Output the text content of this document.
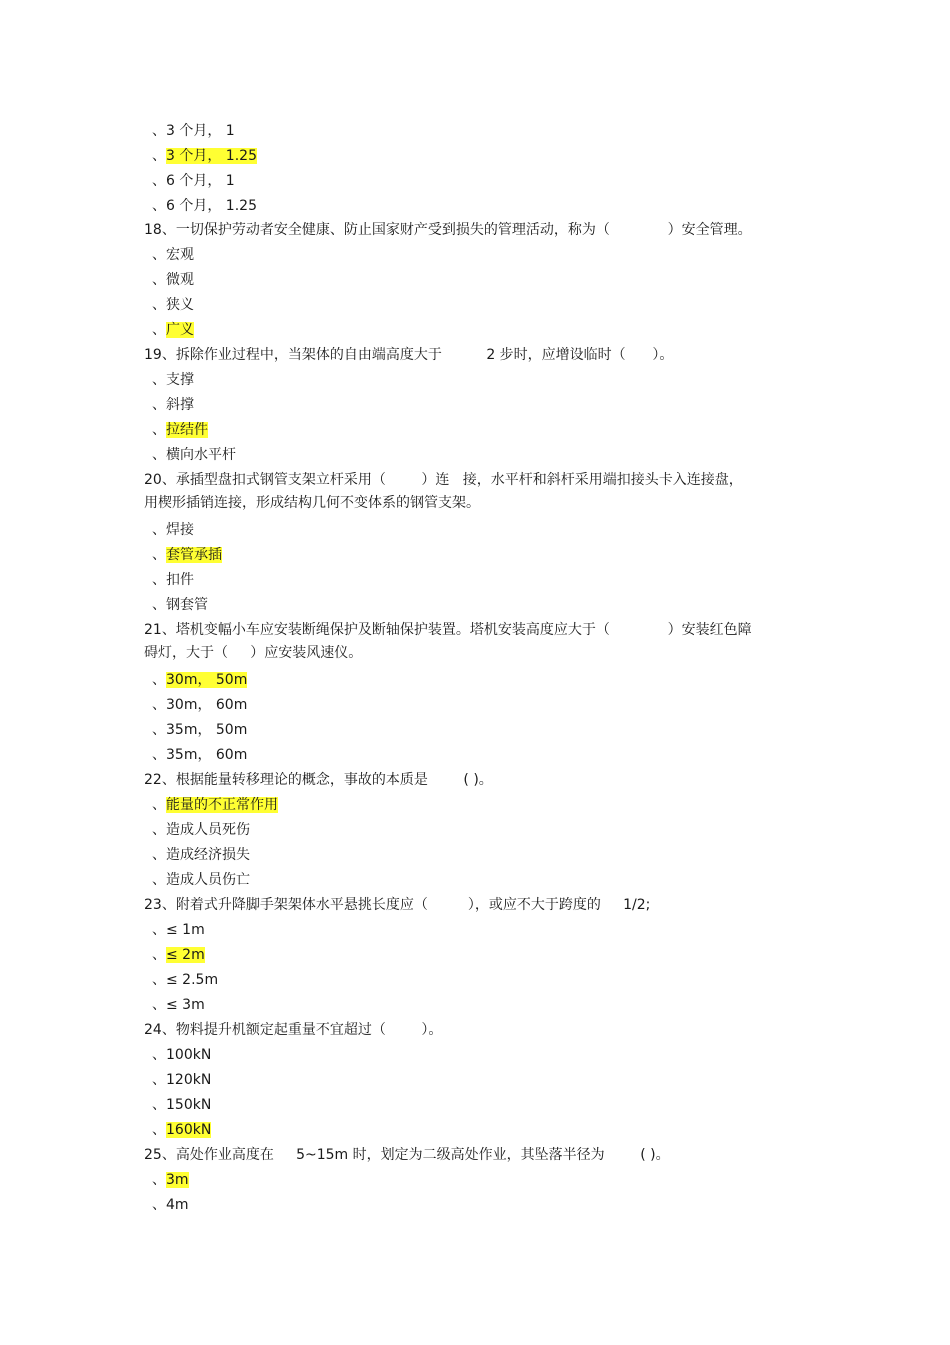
、3 个月， 1
、3 个月， 1.25
、6 个月， 1
、6 个月， 1.25
18、一切保护劳动者安全健康、防止国家财产受到损失的管理活动，称为（             ）安全管理。
、宏观
、微观
、狭义
、广义
19、拆除作业过程中，当架体的自由端高度大于          2 步时，应增设临时（      ）。
、支撑
、斜撑
、拉结件
、横向水平杆
20、承插型盘扣式钢管支架立杆采用（        ）连   接，水平杆和斜杆采用端扣接头卡入连接盘，
用楔形插销连接，形成结构几何不变体系的钢管支架。
、焊接
、套管承插
、扣件
、钢套管
21、塔机变幅小车应安装断绳保护及断轴保护装置。塔机安装高度应大于（             ）安装红色障
碍灯，大于（     ）应安装风速仪。
、30m， 50m
、30m， 60m
、35m， 50m
、35m， 60m
22、根据能量转移理论的概念，事故的本质是        ( )。
、能量的不正常作用
、造成人员死伤
、造成经济损失
、造成人员伤亡
23、附着式升降脚手架架体水平悬挑长度应（         ），或应不大于跨度的     1/2;
、≤ 1m
、≤ 2m
、≤ 2.5m
、≤ 3m
24、物料提升机额定起重量不宜超过（        ）。
、100kN
、120kN
、150kN
、160kN
25、高处作业高度在     5~15m 时，划定为二级高处作业，其坠落半径为        ( )。
、3m
、4m
